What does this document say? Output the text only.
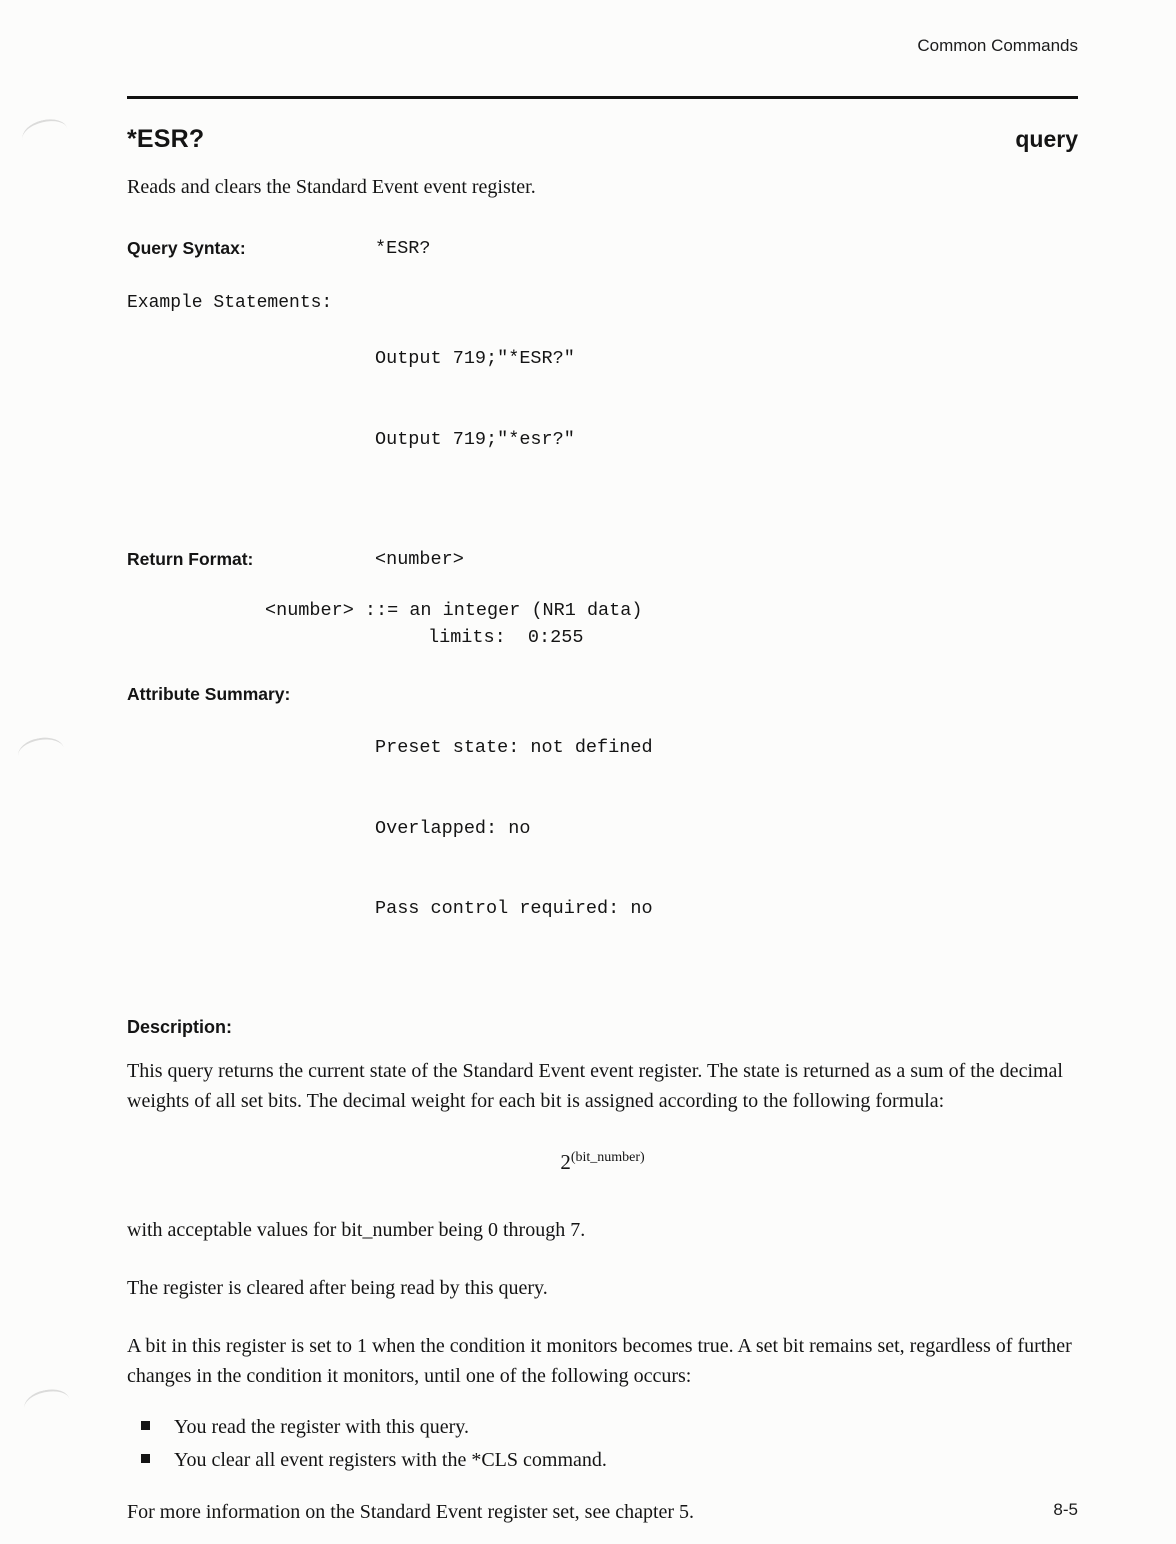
Common Commands
*ESR?	query

Reads and clears the Standard Event event register.

Query Syntax:	*ESR?
Example Statements:

Output 719;"*ESR?"

Output 719;"*esr?"

Return Format:	<number>
<number> ::= an integer (NR1 data)
limits:  0:255
Attribute Summary:

Preset state: not defined

Overlapped: no

Pass control required: no

Description:

This query returns the current state of the Standard Event event register. The state is returned as a sum of the decimal weights of all set bits. The decimal weight for each bit is assigned according to the following formula:

$2^{(bit\_number)}$

with acceptable values for bit_number being 0 through 7.

The register is cleared after being read by this query.

A bit in this register is set to 1 when the condition it monitors becomes true. A set bit remains set, regardless of further changes in the condition it monitors, until one of the following occurs:

You read the register with this query.
You clear all event registers with the *CLS command.

For more information on the Standard Event register set, see chapter 5.	8-5
